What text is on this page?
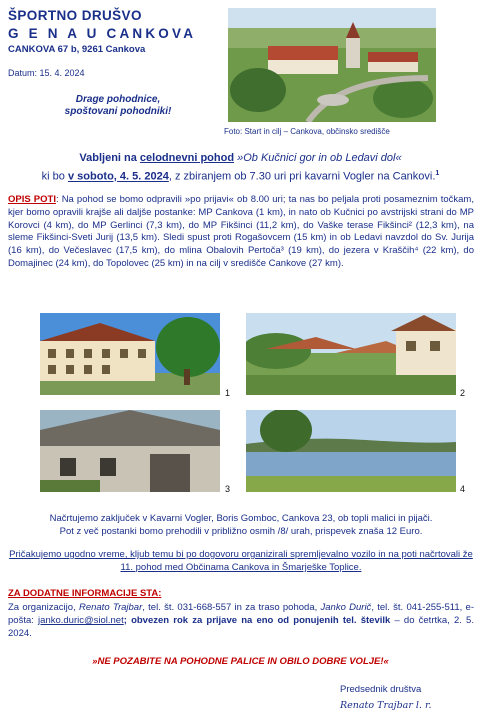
ŠPORTNO DRUŠVO
G E N A U CANKOVA
CANKOVA 67 b, 9261 Cankova
Datum: 15. 4. 2024
Drage pohodnice,
spoštovani pohodniki!
Foto: Start in cilj – Cankova, občinsko središče
Vabljeni na celodnevni pohod »Ob Kučnici gor in ob Ledavi dol«
ki bo v soboto, 4. 5. 2024, z zbiranjem ob 7.30 uri pri kavarni Vogler na Cankovi.$^1$
OPIS POTI: Na pohod se bomo odpravili »po prijavi« ob 8.00 uri; ta nas bo peljala proti posameznim točkam, kjer bomo opravili krajše ali daljše postanke: MP Cankova (1 km), in nato ob Kučnici po avstrijski strani do MP Korovci (4 km), do MP Gerlinci (7,3 km), do MP Fikšinci (11,2 km), do Vaške terase Fikšinci² (12,3 km), na sleme Fikšinci-Sveti Jurij (13,5 km). Sledi spust proti Rogašovcem (15 km) in ob Ledavi navzdol do Sv. Jurija (16 km), do Večeslavec (17,5 km), do mlina Obalovih Pertoča³ (19 km), do jezera v Kraščih⁴ (22 km), do Domajinec (24 km), do Topolovec (25 km) in na cilj v središče Cankove (27 km).
1	2
3	4
Načrtujemo zaključek v Kavarni Vogler, Boris Gomboc, Cankova 23, ob topli malici in pijači.
Pot z več postanki bomo prehodili v približno osmih /8/ urah, prispevek znaša 12 Euro.
Pričakujemo ugodno vreme, kljub temu bi po dogovoru organizirali spremljevalno vozilo in na poti načrtovali že 11. pohod med Občinama Cankova in Šmarješke Toplice.
ZA DODATNE INFORMACIJE STA:
Za organizacijo, Renato Trajbar, tel. št. 031-668-557 in za traso pohoda, Janko Durič, tel. št. 041-255-511, e-pošta: janko.duric@siol.net; obvezen rok za prijave na eno od ponujenih tel. številk – do četrtka, 2. 5. 2024.
»NE POZABITE NA POHODNE PALICE IN OBILO DOBRE VOLJE!«
Predsednik društva
Renato Trajbar l. r.
